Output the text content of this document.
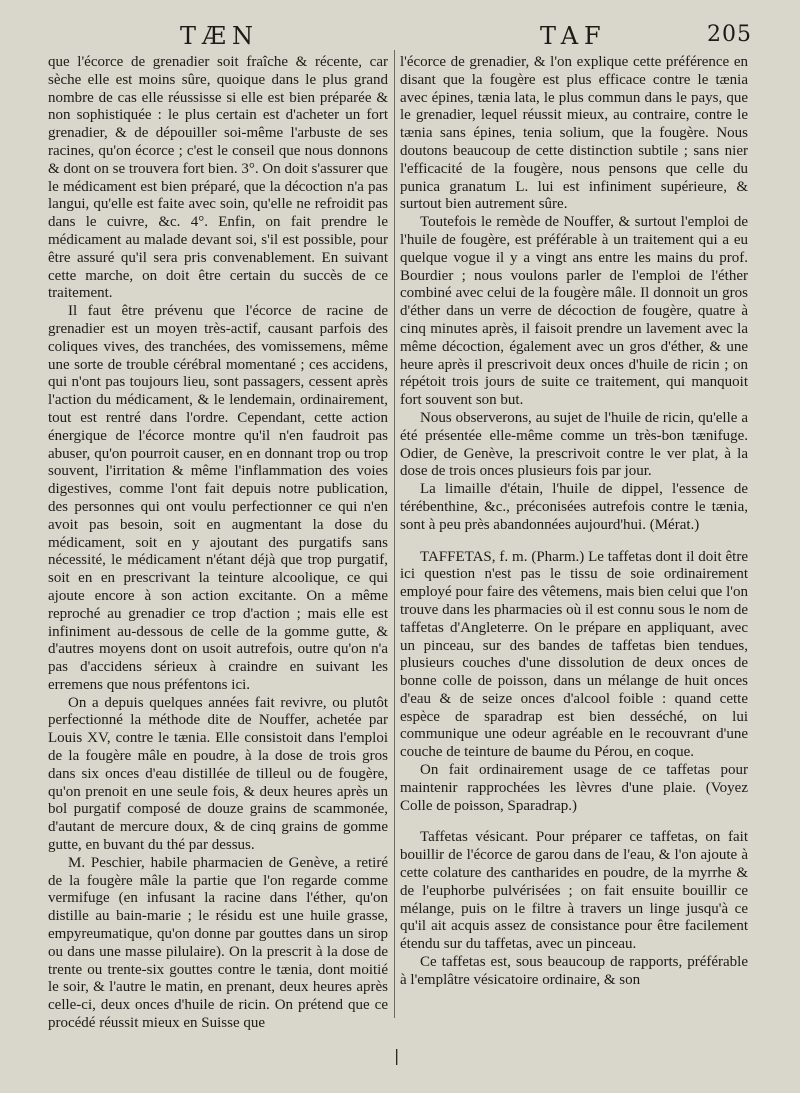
TÆN	TAF	205

que l'écorce de grenadier soit fraîche & récente, car sèche elle est moins sûre, quoique dans le plus grand nombre de cas elle réussisse si elle est bien préparée & non sophistiquée : le plus certain est d'acheter un fort grenadier, & de dépouiller soi-même l'arbuste de ses racines, qu'on écorce ; c'est le conseil que nous donnons & dont on se trouvera fort bien. 3°. On doit s'assurer que le médicament est bien préparé, que la décoction n'a pas langui, qu'elle est faite avec soin, qu'elle ne refroidit pas dans le cuivre, &c. 4°. Enfin, on fait prendre le médicament au malade devant soi, s'il est possible, pour être assuré qu'il sera pris convenablement. En suivant cette marche, on doit être certain du succès de ce traitement.

Il faut être prévenu que l'écorce de racine de grenadier est un moyen très-actif, causant parfois des coliques vives, des tranchées, des vomissemens, même une sorte de trouble cérébral momentané ; ces accidens, qui n'ont pas toujours lieu, sont passagers, cessent après l'action du médicament, & le lendemain, ordinairement, tout est rentré dans l'ordre. Cependant, cette action énergique de l'écorce montre qu'il n'en faudroit pas abuser, qu'on pourroit causer, en en donnant trop ou trop souvent, l'irritation & même l'inflammation des voies digestives, comme l'ont fait depuis notre publication, des personnes qui ont voulu perfectionner ce qui n'en avoit pas besoin, soit en augmentant la dose du médicament, soit en y ajoutant des purgatifs sans nécessité, le médicament n'étant déjà que trop purgatif, soit en en prescrivant la teinture alcoolique, ce qui ajoute encore à son action excitante. On a même reproché au grenadier ce trop d'action ; mais elle est infiniment au-dessous de celle de la gomme gutte, & d'autres moyens dont on usoit autrefois, outre qu'on n'a pas d'accidens sérieux à craindre en suivant les erremens que nous préfentons ici.

On a depuis quelques années fait revivre, ou plutôt perfectionné la méthode dite de Nouffer, achetée par Louis XV, contre le tænia. Elle consistoit dans l'emploi de la fougère mâle en poudre, à la dose de trois gros dans six onces d'eau distillée de tilleul ou de fougère, qu'on prenoit en une seule fois, & deux heures après un bol purgatif composé de douze grains de scammonée, d'autant de mercure doux, & de cinq grains de gomme gutte, en buvant du thé par dessus.

M. Peschier, habile pharmacien de Genève, a retiré de la fougère mâle la partie que l'on regarde comme vermifuge (en infusant la racine dans l'éther, qu'on distille au bain-marie ; le résidu est une huile grasse, empyreumatique, qu'on donne par gouttes dans un sirop ou dans une masse pilulaire). On la prescrit à la dose de trente ou trente-six gouttes contre le tænia, dont moitié le soir, & l'autre le matin, en prenant, deux heures après celle-ci, deux onces d'huile de ricin. On prétend que ce procédé réussit mieux en Suisse que

l'écorce de grenadier, & l'on explique cette préférence en disant que la fougère est plus efficace contre le tænia avec épines, tænia lata, le plus commun dans le pays, que le grenadier, lequel réussit mieux, au contraire, contre le tænia sans épines, tenia solium, que la fougère. Nous doutons beaucoup de cette distinction subtile ; sans nier l'efficacité de la fougère, nous pensons que celle du punica granatum L. lui est infiniment supérieure, & surtout bien autrement sûre.

Toutefois le remède de Nouffer, & surtout l'emploi de l'huile de fougère, est préférable à un traitement qui a eu quelque vogue il y a vingt ans entre les mains du prof. Bourdier ; nous voulons parler de l'emploi de l'éther combiné avec celui de la fougère mâle. Il donnoit un gros d'éther dans un verre de décoction de fougère, quatre à cinq minutes après, il faisoit prendre un lavement avec la même décoction, également avec un gros d'éther, & une heure après il prescrivoit deux onces d'huile de ricin ; on répétoit trois jours de suite ce traitement, qui manquoit fort souvent son but.

Nous observerons, au sujet de l'huile de ricin, qu'elle a été présentée elle-même comme un très-bon tænifuge. Odier, de Genève, la prescrivoit contre le ver plat, à la dose de trois onces plusieurs fois par jour.

La limaille d'étain, l'huile de dippel, l'essence de térébenthine, &c., préconisées autrefois contre le tænia, sont à peu près abandonnées aujourd'hui. (Mérat.)

TAFFETAS, f. m. (Pharm.) Le taffetas dont il doit être ici question n'est pas le tissu de soie ordinairement employé pour faire des vêtemens, mais bien celui que l'on trouve dans les pharmacies où il est connu sous le nom de taffetas d'Angleterre. On le prépare en appliquant, avec un pinceau, sur des bandes de taffetas bien tendues, plusieurs couches d'une dissolution de deux onces de bonne colle de poisson, dans un mélange de huit onces d'eau & de seize onces d'alcool foible : quand cette espèce de sparadrap est bien desséché, on lui communique une odeur agréable en le recouvrant d'une couche de teinture de baume du Pérou, en coque.

On fait ordinairement usage de ce taffetas pour maintenir rapprochées les lèvres d'une plaie. (Voyez Colle de poisson, Sparadrap.)

Taffetas vésicant. Pour préparer ce taffetas, on fait bouillir de l'écorce de garou dans de l'eau, & l'on ajoute à cette colature des cantharides en poudre, de la myrrhe & de l'euphorbe pulvérisées ; on fait ensuite bouillir ce mélange, puis on le filtre à travers un linge jusqu'à ce qu'il ait acquis assez de consistance pour être facilement étendu sur du taffetas, avec un pinceau.

Ce taffetas est, sous beaucoup de rapports, préférable à l'emplâtre vésicatoire ordinaire, & son

|
